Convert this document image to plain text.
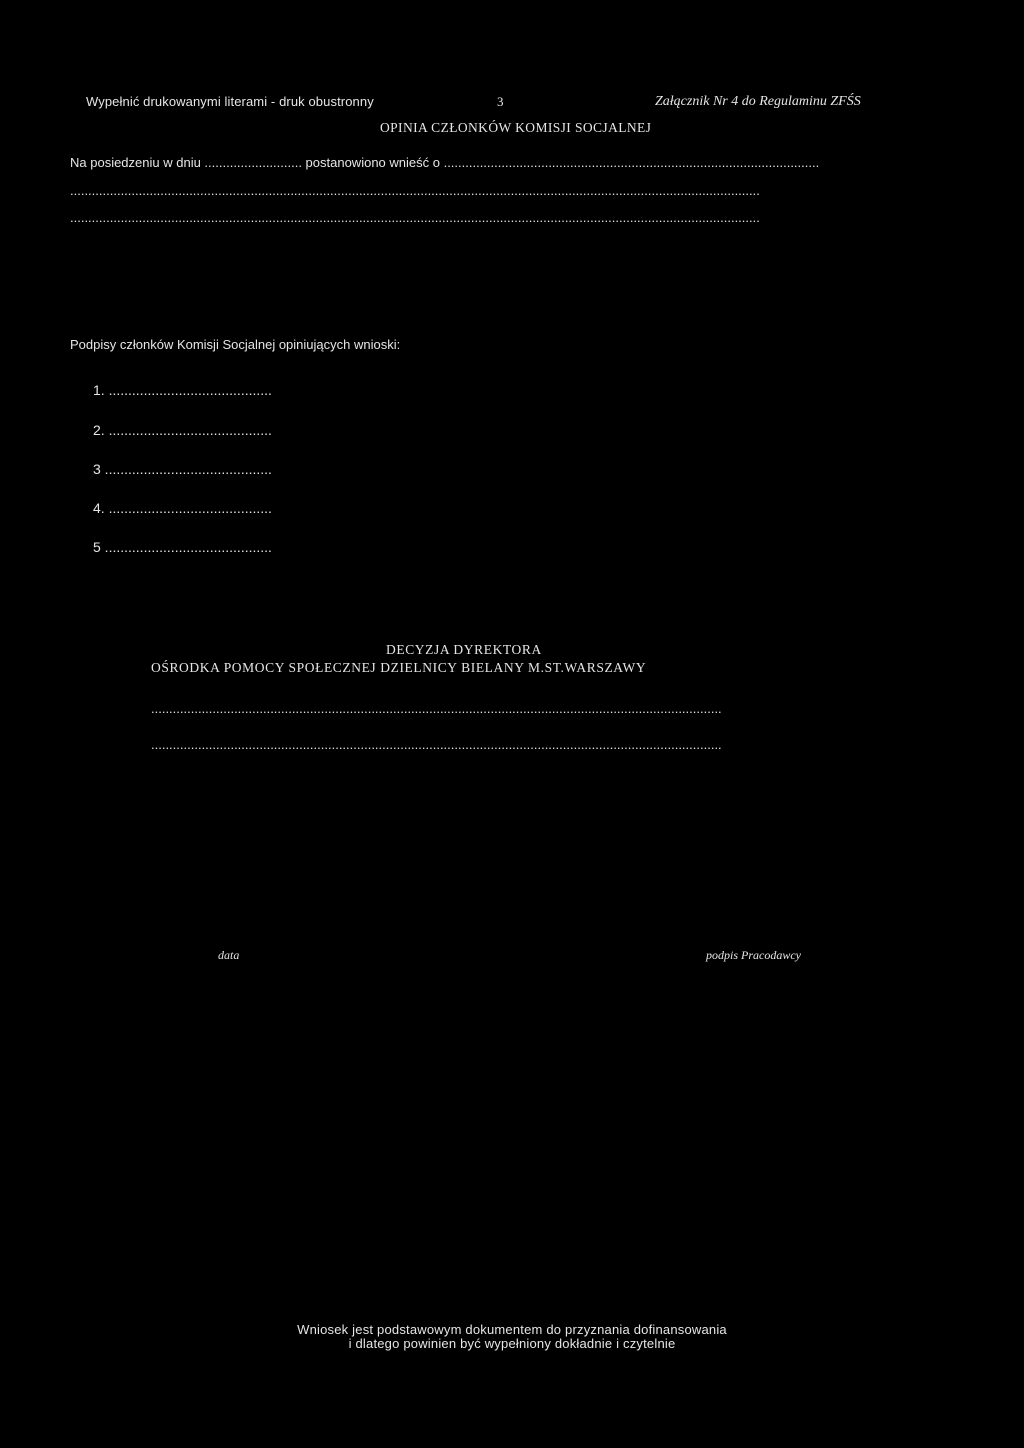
Wypełnić drukowanymi literami - druk obustronny	3	Załącznik Nr 4 do Regulaminu ZFŚS
OPINIA CZŁONKÓW KOMISJI SOCJALNEJ
Na posiedzeniu w dniu ........................... postanowiono wnieść o ........................................................................................................
...............................................................................................................................................................................................
...............................................................................................................................................................................................
Podpisy członków Komisji Socjalnej opiniujących wnioski:
1. ..........................................
2. ..........................................
3 ...........................................
4. ..........................................
5 ...........................................
DECYZJA DYREKTORA
OŚRODKA POMOCY SPOŁECZNEJ DZIELNICY BIELANY M.ST.WARSZAWY
..............................................................................................................................................................
..............................................................................................................................................................
data	podpis Pracodawcy
Wniosek jest podstawowym dokumentem do przyznania dofinansowania
i dlatego powinien być wypełniony dokładnie i czytelnie
